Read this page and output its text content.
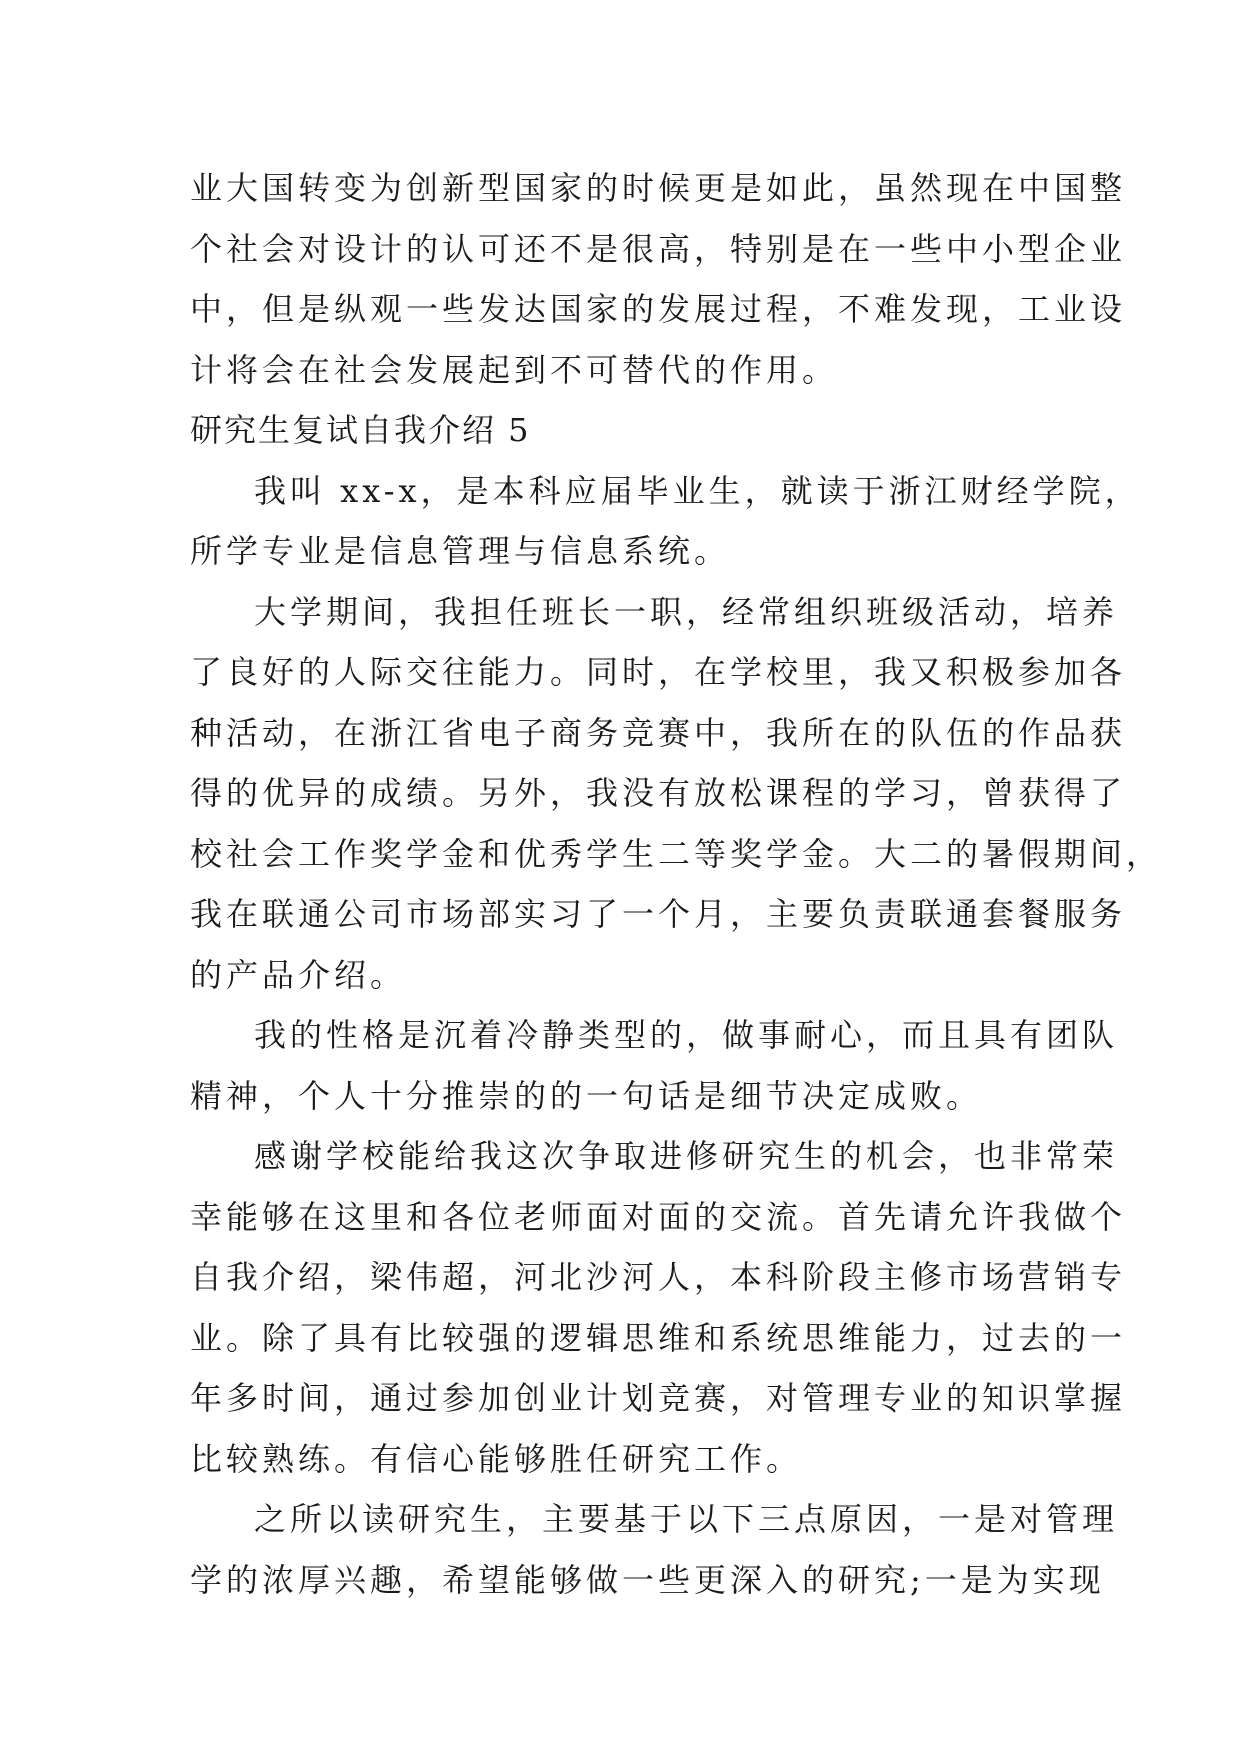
业大国转变为创新型国家的时候更是如此，虽然现在中国整
个社会对设计的认可还不是很高，特别是在一些中小型企业
中，但是纵观一些发达国家的发展过程，不难发现，工业设
计将会在社会发展起到不可替代的作用。
研究生复试自我介绍 5
我叫 xx-x，是本科应届毕业生，就读于浙江财经学院，
所学专业是信息管理与信息系统。
大学期间，我担任班长一职，经常组织班级活动，培养
了良好的人际交往能力。同时，在学校里，我又积极参加各
种活动，在浙江省电子商务竞赛中，我所在的队伍的作品获
得的优异的成绩。另外，我没有放松课程的学习，曾获得了
校社会工作奖学金和优秀学生二等奖学金。大二的暑假期间，
我在联通公司市场部实习了一个月，主要负责联通套餐服务
的产品介绍。
我的性格是沉着冷静类型的，做事耐心，而且具有团队
精神，个人十分推崇的的一句话是细节决定成败。
感谢学校能给我这次争取进修研究生的机会，也非常荣
幸能够在这里和各位老师面对面的交流。首先请允许我做个
自我介绍，梁伟超，河北沙河人，本科阶段主修市场营销专
业。除了具有比较强的逻辑思维和系统思维能力，过去的一
年多时间，通过参加创业计划竞赛，对管理专业的知识掌握
比较熟练。有信心能够胜任研究工作。
之所以读研究生，主要基于以下三点原因，一是对管理
学的浓厚兴趣，希望能够做一些更深入的研究;一是为实现
